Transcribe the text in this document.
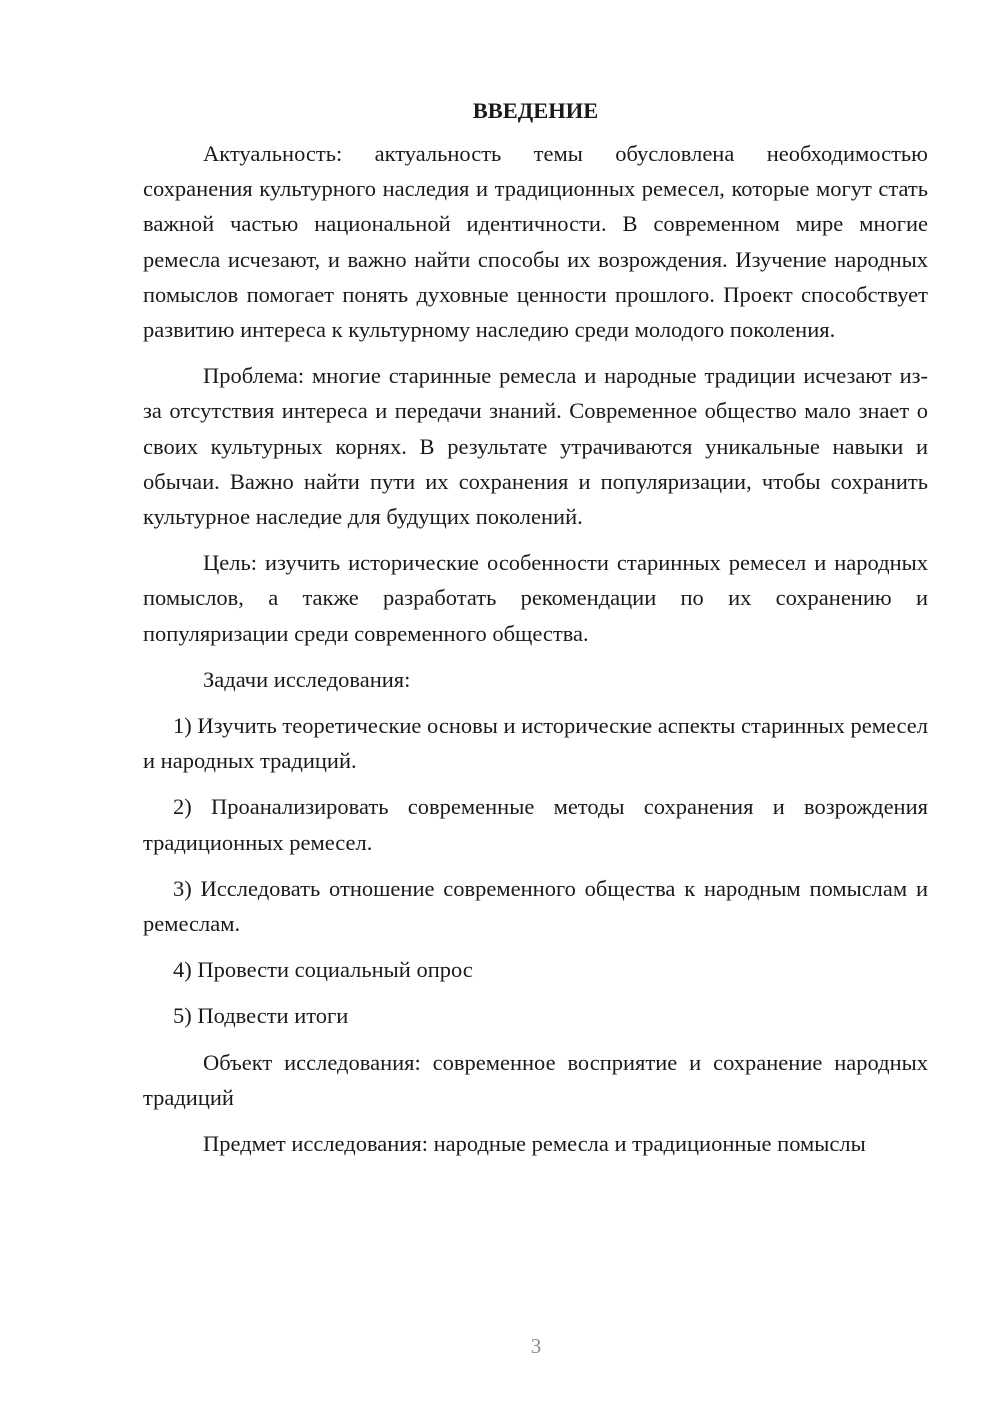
ВВЕДЕНИЕ

Актуальность: актуальность темы обусловлена необходимостью сохранения культурного наследия и традиционных ремесел, которые могут стать важной частью национальной идентичности. В современном мире многие ремесла исчезают, и важно найти способы их возрождения. Изучение народных помыслов помогает понять духовные ценности прошлого. Проект способствует развитию интереса к культурному наследию среди молодого поколения.

Проблема: многие старинные ремесла и народные традиции исчезают из-за отсутствия интереса и передачи знаний. Современное общество мало знает о своих культурных корнях. В результате утрачиваются уникальные навыки и обычаи. Важно найти пути их сохранения и популяризации, чтобы сохранить культурное наследие для будущих поколений.

Цель: изучить исторические особенности старинных ремесел и народных помыслов, а также разработать рекомендации по их сохранению и популяризации среди современного общества.

Задачи исследования:

1) Изучить теоретические основы и исторические аспекты старинных ремесел и народных традиций.

2) Проанализировать современные методы сохранения и возрождения традиционных ремесел.

3) Исследовать отношение современного общества к народным помыслам и ремеслам.

4) Провести социальный опрос

5) Подвести итоги

Объект исследования: современное восприятие и сохранение народных традиций

Предмет исследования: народные ремесла и традиционные помыслы

3
